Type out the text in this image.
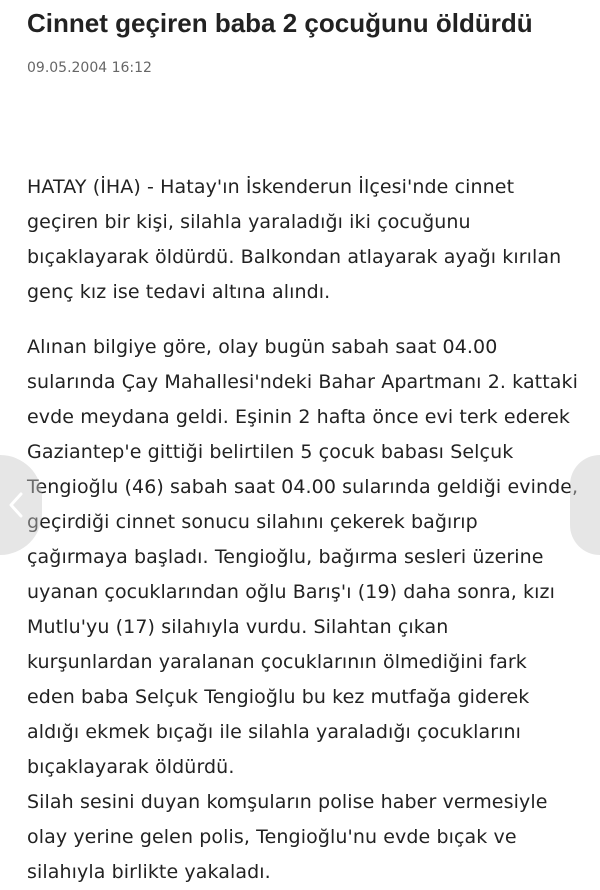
Cinnet geçiren baba 2 çocuğunu öldürdü
09.05.2004 16:12
HATAY (İHA) - Hatay'ın İskenderun İlçesi'nde cinnet
geçiren bir kişi, silahla yaraladığı iki çocuğunu
bıçaklayarak öldürdü. Balkondan atlayarak ayağı kırılan
genç kız ise tedavi altına alındı.
Alınan bilgiye göre, olay bugün sabah saat 04.00
sularında Çay Mahallesi'ndeki Bahar Apartmanı 2. kattaki
evde meydana geldi. Eşinin 2 hafta önce evi terk ederek
Gaziantep'e gittiği belirtilen 5 çocuk babası Selçuk
Tengioğlu (46) sabah saat 04.00 sularında geldiği evinde,
geçirdiği cinnet sonucu silahını çekerek bağırıp
çağırmaya başladı. Tengioğlu, bağırma sesleri üzerine
uyanan çocuklarından oğlu Barış'ı (19) daha sonra, kızı
Mutlu'yu (17) silahıyla vurdu. Silahtan çıkan
kurşunlardan yaralanan çocuklarının ölmediğini fark
eden baba Selçuk Tengioğlu bu kez mutfağa giderek
aldığı ekmek bıçağı ile silahla yaraladığı çocuklarını
bıçaklayarak öldürdü.
Silah sesini duyan komşuların polise haber vermesiyle
olay yerine gelen polis, Tengioğlu'nu evde bıçak ve
silahıyla birlikte yakaladı.
